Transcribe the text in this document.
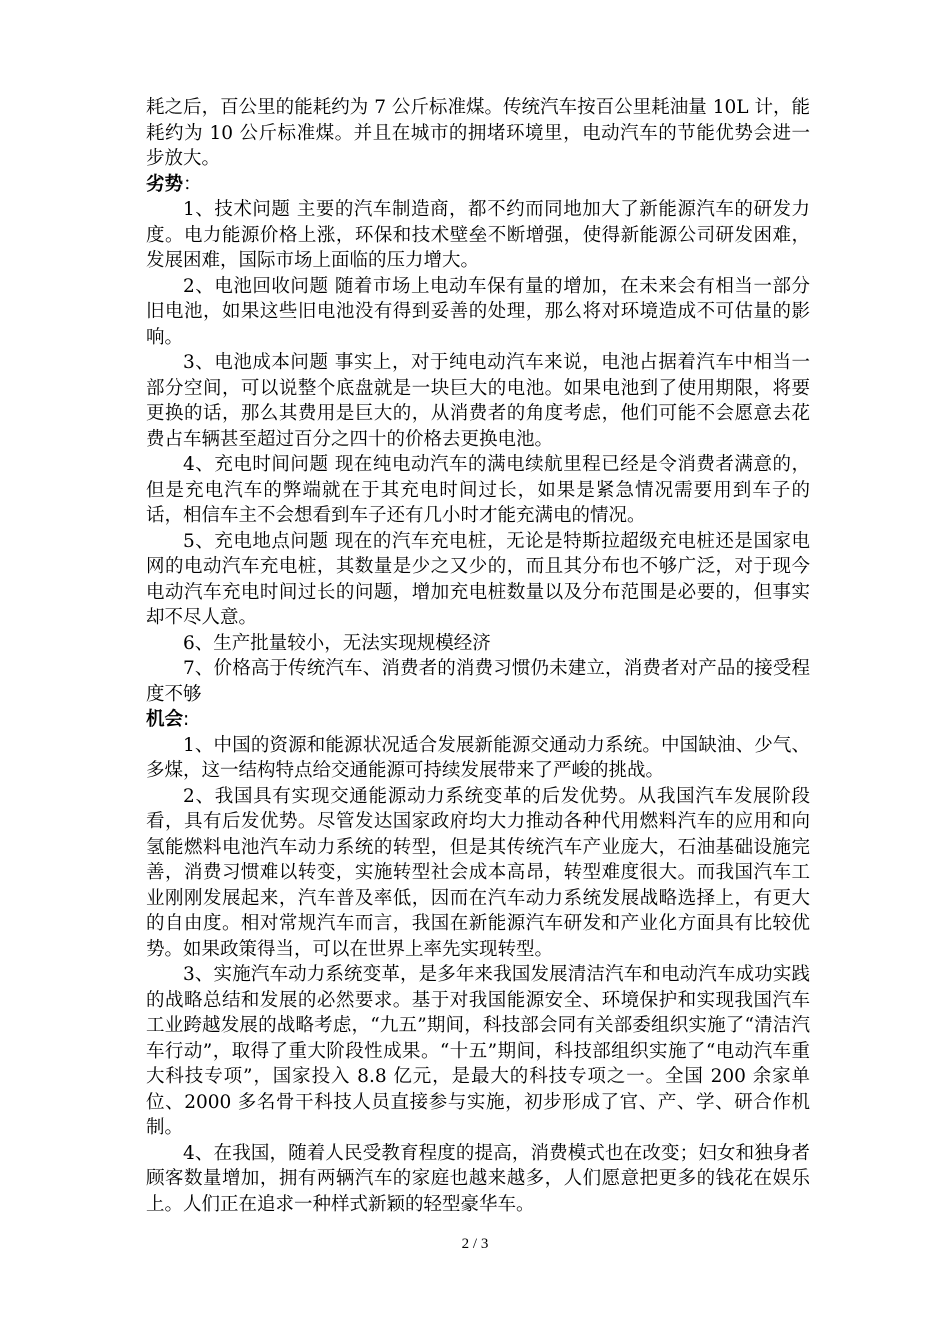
耗之后，百公里的能耗约为 7 公斤标准煤。传统汽车按百公里耗油量 10L 计，能耗约为 10 公斤标准煤。并且在城市的拥堵环境里，电动汽车的节能优势会进一步放大。

劣势：

1、技术问题 主要的汽车制造商，都不约而同地加大了新能源汽车的研发力度。电力能源价格上涨，环保和技术壁垒不断增强，使得新能源公司研发困难，发展困难，国际市场上面临的压力增大。

2、电池回收问题 随着市场上电动车保有量的增加，在未来会有相当一部分旧电池，如果这些旧电池没有得到妥善的处理，那么将对环境造成不可估量的影响。

3、电池成本问题 事实上，对于纯电动汽车来说，电池占据着汽车中相当一部分空间，可以说整个底盘就是一块巨大的电池。如果电池到了使用期限，将要更换的话，那么其费用是巨大的，从消费者的角度考虑，他们可能不会愿意去花费占车辆甚至超过百分之四十的价格去更换电池。

4、充电时间问题 现在纯电动汽车的满电续航里程已经是令消费者满意的，但是充电汽车的弊端就在于其充电时间过长，如果是紧急情况需要用到车子的话，相信车主不会想看到车子还有几小时才能充满电的情况。

5、充电地点问题 现在的汽车充电桩，无论是特斯拉超级充电桩还是国家电网的电动汽车充电桩，其数量是少之又少的，而且其分布也不够广泛，对于现今电动汽车充电时间过长的问题，增加充电桩数量以及分布范围是必要的，但事实却不尽人意。

6、生产批量较小，无法实现规模经济

7、价格高于传统汽车、消费者的消费习惯仍未建立，消费者对产品的接受程度不够

机会:

1、中国的资源和能源状况适合发展新能源交通动力系统。中国缺油、少气、多煤，这一结构特点给交通能源可持续发展带来了严峻的挑战。

2、我国具有实现交通能源动力系统变革的后发优势。从我国汽车发展阶段看，具有后发优势。尽管发达国家政府均大力推动各种代用燃料汽车的应用和向氢能燃料电池汽车动力系统的转型，但是其传统汽车产业庞大，石油基础设施完善，消费习惯难以转变，实施转型社会成本高昂，转型难度很大。而我国汽车工业刚刚发展起来，汽车普及率低，因而在汽车动力系统发展战略选择上，有更大的自由度。相对常规汽车而言，我国在新能源汽车研发和产业化方面具有比较优势。如果政策得当，可以在世界上率先实现转型。

3、实施汽车动力系统变革，是多年来我国发展清洁汽车和电动汽车成功实践的战略总结和发展的必然要求。基于对我国能源安全、环境保护和实现我国汽车工业跨越发展的战略考虑，“九五”期间，科技部会同有关部委组织实施了“清洁汽车行动”，取得了重大阶段性成果。“十五”期间，科技部组织实施了“电动汽车重大科技专项”，国家投入 8.8 亿元，是最大的科技专项之一。全国 200 余家单位、2000 多名骨干科技人员直接参与实施，初步形成了官、产、学、研合作机制。

4、在我国，随着人民受教育程度的提高，消费模式也在改变；妇女和独身者顾客数量增加，拥有两辆汽车的家庭也越来越多，人们愿意把更多的钱花在娱乐上。人们正在追求一种样式新颖的轻型豪华车。

2 / 3
